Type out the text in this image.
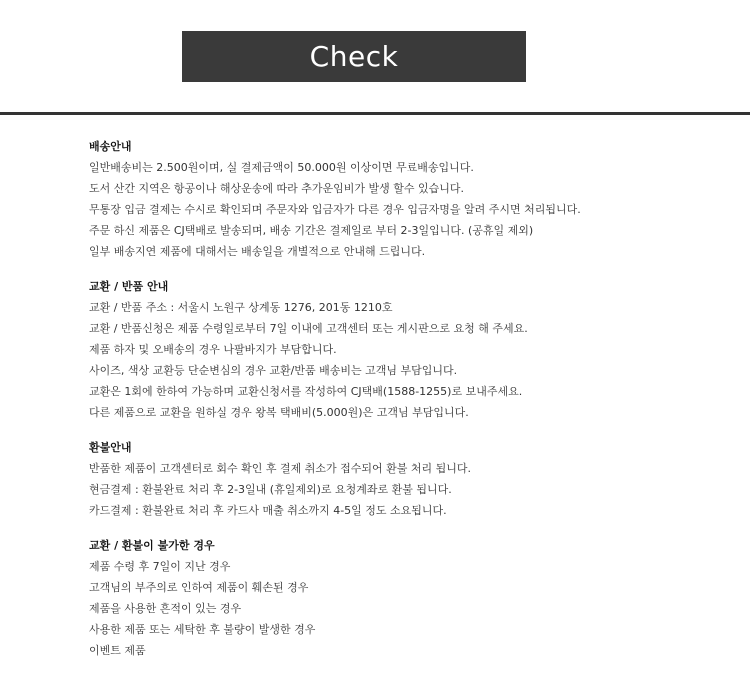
Check
배송안내
일반배송비는 2.500원이며, 실 결제금액이 50.000원 이상이면 무료배송입니다.
도서 산간 지역은 항공이나 해상운송에 따라 추가운임비가 발생 할수 있습니다.
무통장 입금 결제는 수시로 확인되며 주문자와 입금자가 다른 경우 입금자명을 알려 주시면 처리됩니다.
주문 하신 제품은 CJ택배로 발송되며, 배송 기간은 결제일로 부터 2-3일입니다. (공휴일 제외)
일부 배송지연 제품에 대해서는 배송일을 개별적으로 안내해 드립니다.
교환 / 반품 안내
교환 / 반품 주소 : 서울시 노원구 상계동 1276, 201동 1210호
교환 / 반품신청은 제품 수령일로부터 7일 이내에 고객센터 또는 게시판으로 요청 해 주세요.
제품 하자 및 오배송의 경우 나팔바지가 부담합니다.
사이즈, 색상 교환등 단순변심의 경우 교환/반품 배송비는 고객님 부담입니다.
교환은 1회에 한하여 가능하며 교환신청서를 작성하여 CJ택배(1588-1255)로 보내주세요.
다른 제품으로 교환을 원하실 경우 왕복 택배비(5.000원)은 고객님 부담입니다.
환불안내
반품한 제품이 고객센터로 회수 확인 후 결제 취소가 접수되어 환불 처리 됩니다.
현금결제 : 환불완료 처리 후 2-3일내 (휴일제외)로 요청계좌로 환불 됩니다.
카드결제 : 환불완료 처리 후 카드사 매출 취소까지 4-5일 정도 소요됩니다.
교환 / 환불이 불가한 경우
제품 수령 후 7일이 지난 경우
고객님의 부주의로 인하여 제품이 훼손된 경우
제품을 사용한 흔적이 있는 경우
사용한 제품 또는 세탁한 후 불량이 발생한 경우
이벤트 제품
